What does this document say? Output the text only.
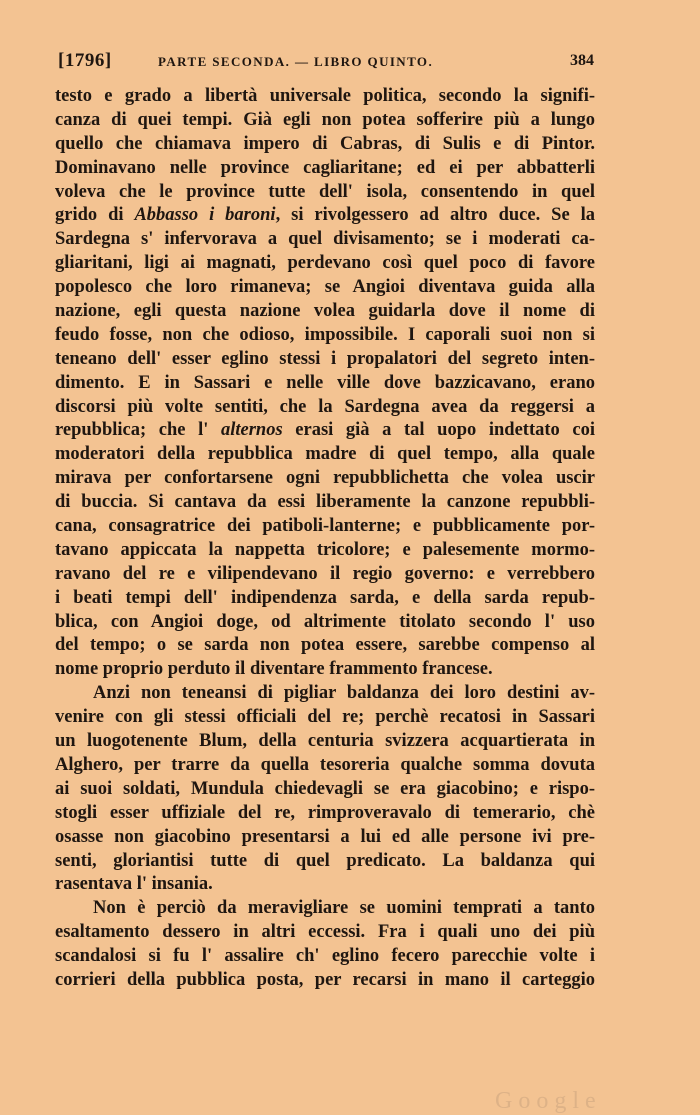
[1796]	PARTE SECONDA. — LIBRO QUINTO.	384
testo e grado a libertà universale politica, secondo la signifi-
canza di quei tempi. Già egli non potea sofferire più a lungo
quello che chiamava impero di Cabras, di Sulis e di Pintor.
Dominavano nelle province cagliaritane; ed ei per abbatterli
voleva che le province tutte dell' isola, consentendo in quel
grido di Abbasso i baroni, si rivolgessero ad altro duce. Se la
Sardegna s' infervorava a quel divisamento; se i moderati ca-
gliaritani, ligi ai magnati, perdevano così quel poco di favore
popolesco che loro rimaneva; se Angioi diventava guida alla
nazione, egli questa nazione volea guidarla dove il nome di
feudo fosse, non che odioso, impossibile. I caporali suoi non si
teneano dell' esser eglino stessi i propalatori del segreto inten-
dimento. E in Sassari e nelle ville dove bazzicavano, erano
discorsi più volte sentiti, che la Sardegna avea da reggersi a
repubblica; che l' alternos erasi già a tal uopo indettato coi
moderatori della repubblica madre di quel tempo, alla quale
mirava per confortarsene ogni repubblichetta che volea uscir
di buccia. Si cantava da essi liberamente la canzone repubbli-
cana, consagratrice dei patiboli-lanterne; e pubblicamente por-
tavano appiccata la nappetta tricolore; e palesemente mormo-
ravano del re e vilipendevano il regio governo: e verrebbero
i beati tempi dell' indipendenza sarda, e della sarda repub-
blica, con Angioi doge, od altrimente titolato secondo l' uso
del tempo; o se sarda non potea essere, sarebbe compenso al
nome proprio perduto il diventare frammento francese.
Anzi non teneansi di pigliar baldanza dei loro destini av-
venire con gli stessi officiali del re; perchè recatosi in Sassari
un luogotenente Blum, della centuria svizzera acquartierata in
Alghero, per trarre da quella tesoreria qualche somma dovuta
ai suoi soldati, Mundula chiedevagli se era giacobino; e rispo-
stogli esser uffiziale del re, rimproveravalo di temerario, chè
osasse non giacobino presentarsi a lui ed alle persone ivi pre-
senti, gloriantisi tutte di quel predicato. La baldanza qui
rasentava l' insania.
Non è perciò da meravigliare se uomini temprati a tanto
esaltamento dessero in altri eccessi. Fra i quali uno dei più
scandalosi si fu l' assalire ch' eglino fecero parecchie volte i
corrieri della pubblica posta, per recarsi in mano il carteggio
Google
